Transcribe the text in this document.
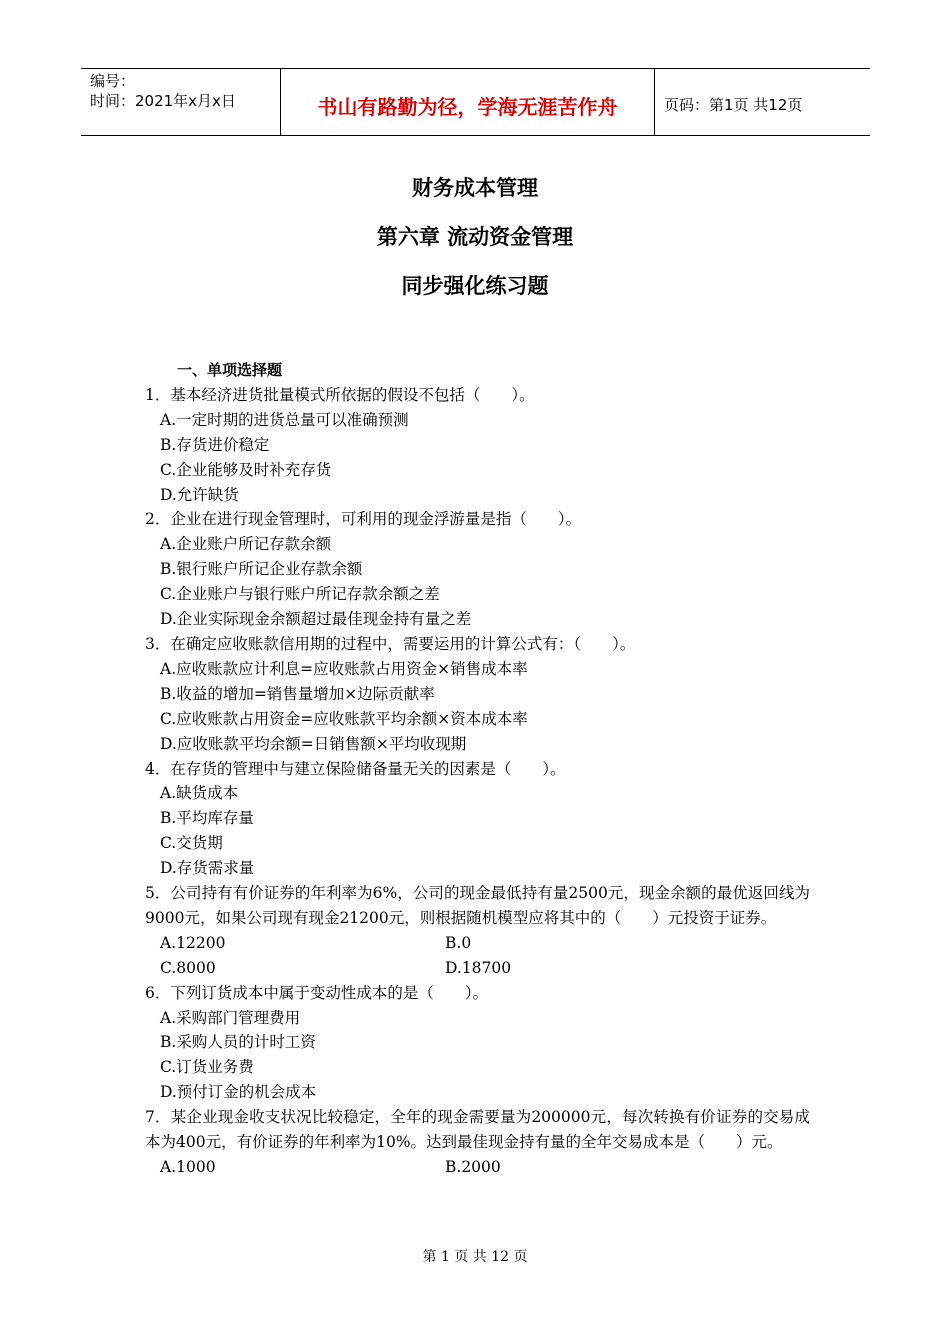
编号：
时间：2021年x月x日	书山有路勤为径，学海无涯苦作舟	页码：第1页 共12页
财务成本管理
第六章 流动资金管理
同步强化练习题
一、单项选择题
1．基本经济进货批量模式所依据的假设不包括（　　）。
A.一定时期的进货总量可以准确预测
B.存货进价稳定
C.企业能够及时补充存货
D.允许缺货
2．企业在进行现金管理时，可利用的现金浮游量是指（　　）。
A.企业账户所记存款余额
B.银行账户所记企业存款余额
C.企业账户与银行账户所记存款余额之差
D.企业实际现金余额超过最佳现金持有量之差
3．在确定应收账款信用期的过程中，需要运用的计算公式有：（　　）。
A.应收账款应计利息=应收账款占用资金×销售成本率
B.收益的增加=销售量增加×边际贡献率
C.应收账款占用资金=应收账款平均余额×资本成本率
D.应收账款平均余额=日销售额×平均收现期
4．在存货的管理中与建立保险储备量无关的因素是（　　）。
A.缺货成本
B.平均库存量
C.交货期
D.存货需求量
5．公司持有有价证券的年利率为6%，公司的现金最低持有量2500元，现金余额的最优返回线为9000元，如果公司现有现金21200元，则根据随机模型应将其中的（　　）元投资于证券。
A.12200	B.0
C.8000	D.18700
6．下列订货成本中属于变动性成本的是（　　）。
A.采购部门管理费用
B.采购人员的计时工资
C.订货业务费
D.预付订金的机会成本
7．某企业现金收支状况比较稳定，全年的现金需要量为200000元，每次转换有价证券的交易成本为400元，有价证券的年利率为10%。达到最佳现金持有量的全年交易成本是（　　）元。
A.1000	B.2000
第 1 页 共 12 页
